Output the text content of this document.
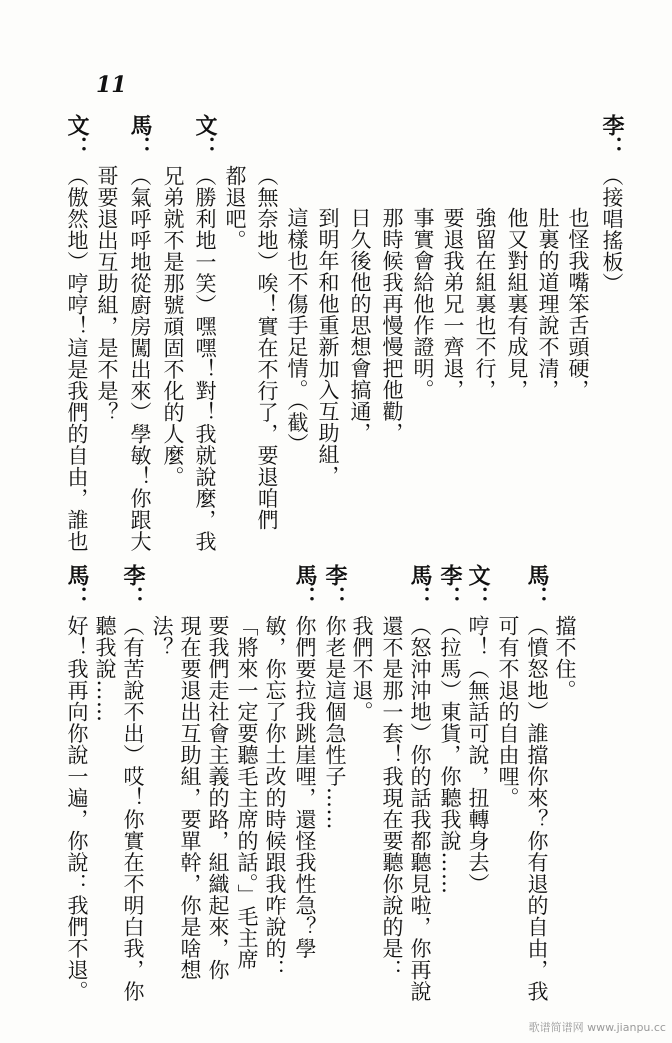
11
李：
（接唱搖板）
也怪我嘴笨舌頭硬，
肚裏的道理說不清，
他又對組裏有成見，
強留在組裏也不行，
要退我弟兄一齊退，
事實會給他作證明。
那時候我再慢慢把他勸，
日久後他的思想會搞通，
到明年和他重新加入互助組，
這樣也不傷手足情。（截）
（無奈地）唉！實在不行了，要退咱們
都退吧。
文：
（勝利地一笑）嘿嘿！對！我就說麼，我
兄弟就不是那號頑固不化的人麼。
馬：
（氣呼呼地從廚房闖出來）學敏！你跟大
哥要退出互助組，是不是？
文：
（傲然地）哼哼！這是我們的自由，誰也
擋不住。
馬：
（憤怒地）誰擋你來？你有退的自由，我
可有不退的自由哩。
文：
哼！（無話可說，扭轉身去）
李：
（拉馬）東貨，你聽我說……
馬：
（怒沖沖地）你的話我都聽見啦，你再說
還不是那一套！我現在要聽你說的是：
我們不退。
李：
你老是這個急性子……
馬：
你們要拉我跳崖哩，還怪我性急？學
敏，你忘了你土改的時候跟我咋說的：
「將來一定要聽毛主席的話。」毛主席
要我們走社會主義的路，組織起來，你
現在要退出互助組，要單幹，你是啥想
法？
李：
（有苦說不出）哎！你實在不明白我，你
聽我說……
馬：
好！我再向你說一遍，你說：我們不退。
歌谱简谱网 www.jianpu.cc
